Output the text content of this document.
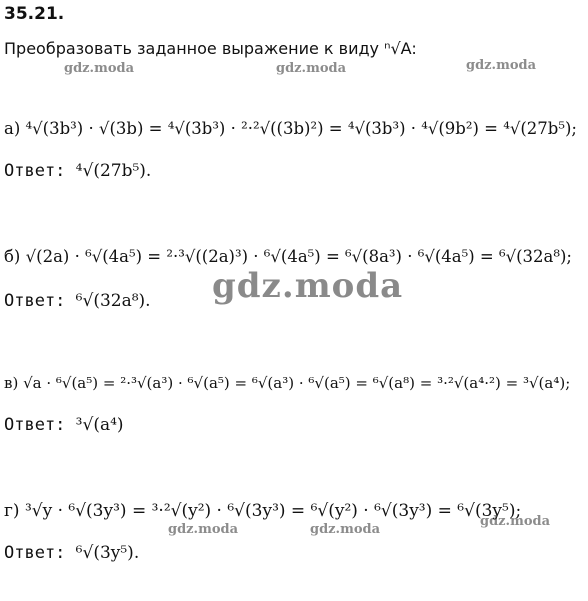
35.21.
Преобразовать заданное выражение к виду ⁿ√A:
gdz.moda	gdz.moda	gdz.moda
gdz.moda
gdz.moda	gdz.moda
gdz.moda
а) ⁴√(3b³) · √(3b) = ⁴√(3b³) · ²·²√((3b)²) = ⁴√(3b³) · ⁴√(9b²) = ⁴√(27b⁵);
Ответ: ⁴√(27b⁵).
б) √(2a) · ⁶√(4a⁵) = ²·³√((2a)³) · ⁶√(4a⁵) = ⁶√(8a³) · ⁶√(4a⁵) = ⁶√(32a⁸);
Ответ: ⁶√(32a⁸).
в) √a · ⁶√(a⁵) = ²·³√(a³) · ⁶√(a⁵) = ⁶√(a³) · ⁶√(a⁵) = ⁶√(a⁸) = ³·²√(a⁴·²) = ³√(a⁴);
Ответ: ³√(a⁴)
г) ³√y · ⁶√(3y³) = ³·²√(y²) · ⁶√(3y³) = ⁶√(y²) · ⁶√(3y³) = ⁶√(3y⁵);
Ответ: ⁶√(3y⁵).
